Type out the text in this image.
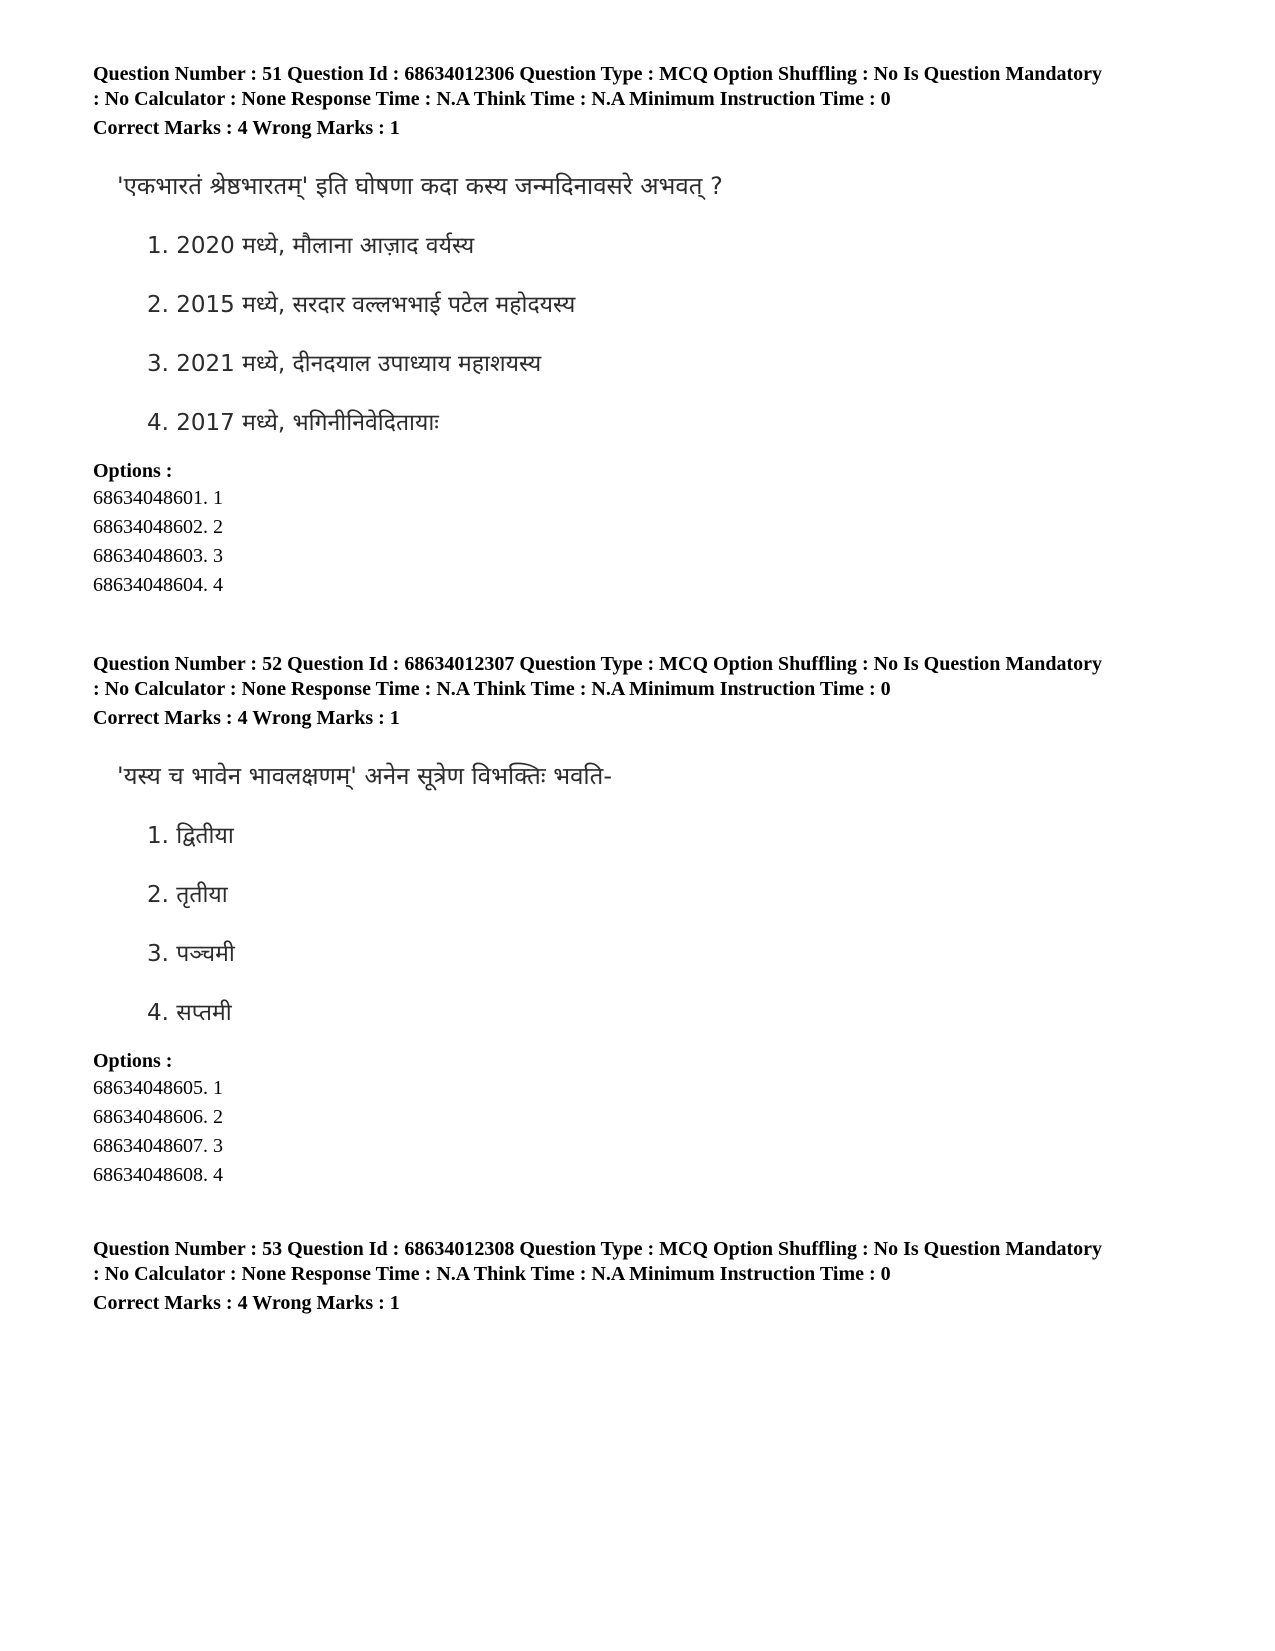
Question Number : 51 Question Id : 68634012306 Question Type : MCQ Option Shuffling : No Is Question Mandatory
: No Calculator : None Response Time : N.A Think Time : N.A Minimum Instruction Time : 0
Correct Marks : 4 Wrong Marks : 1
'एकभारतं श्रेष्ठभारतम्' इति घोषणा कदा कस्य जन्मदिनावसरे अभवत् ?
1. 2020 मध्ये, मौलाना आज़ाद वर्यस्य
2. 2015 मध्ये, सरदार वल्लभभाई पटेल महोदयस्य
3. 2021 मध्ये, दीनदयाल उपाध्याय महाशयस्य
4. 2017 मध्ये, भगिनीनिवेदितायाः
Options :
68634048601. 1
68634048602. 2
68634048603. 3
68634048604. 4
Question Number : 52 Question Id : 68634012307 Question Type : MCQ Option Shuffling : No Is Question Mandatory
: No Calculator : None Response Time : N.A Think Time : N.A Minimum Instruction Time : 0
Correct Marks : 4 Wrong Marks : 1
'यस्य च भावेन भावलक्षणम्' अनेन सूत्रेण विभक्तिः भवति-
1. द्वितीया
2. तृतीया
3. पञ्चमी
4. सप्तमी
Options :
68634048605. 1
68634048606. 2
68634048607. 3
68634048608. 4
Question Number : 53 Question Id : 68634012308 Question Type : MCQ Option Shuffling : No Is Question Mandatory
: No Calculator : None Response Time : N.A Think Time : N.A Minimum Instruction Time : 0
Correct Marks : 4 Wrong Marks : 1
